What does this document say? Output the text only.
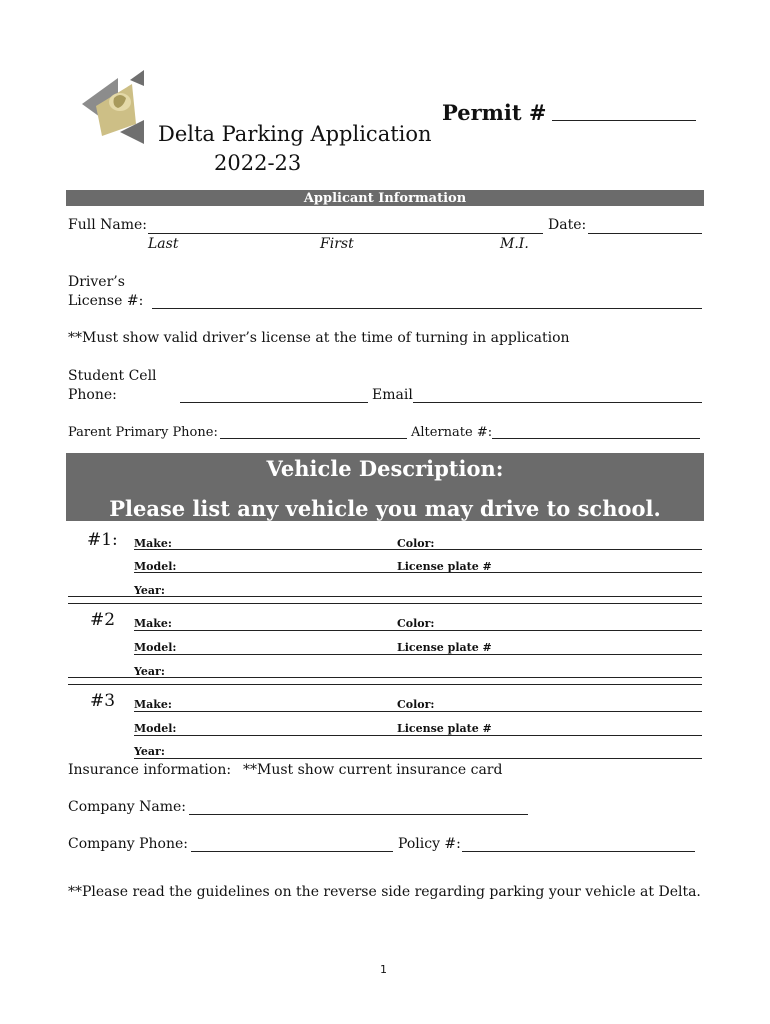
Permit #
Delta Parking Application
2022-23
Applicant Information
Full Name:	Date:
Last	First	M.I.
Driver’s
License #:
**Must show valid driver’s license at the time of turning in application
Student Cell
Phone:	Email
Parent Primary Phone:	Alternate #:
Vehicle Description:
Please list any vehicle you may drive to school.
#1: Make:	Color:
Model:	License plate #
Year:
#2 Make:	Color:
Model:	License plate #
Year:
#3 Make:	Color:
Model:	License plate #
Year:
Insurance information: **Must show current insurance card
Company Name:
Company Phone:	Policy #:
**Please read the guidelines on the reverse side regarding parking your vehicle at Delta.
1
